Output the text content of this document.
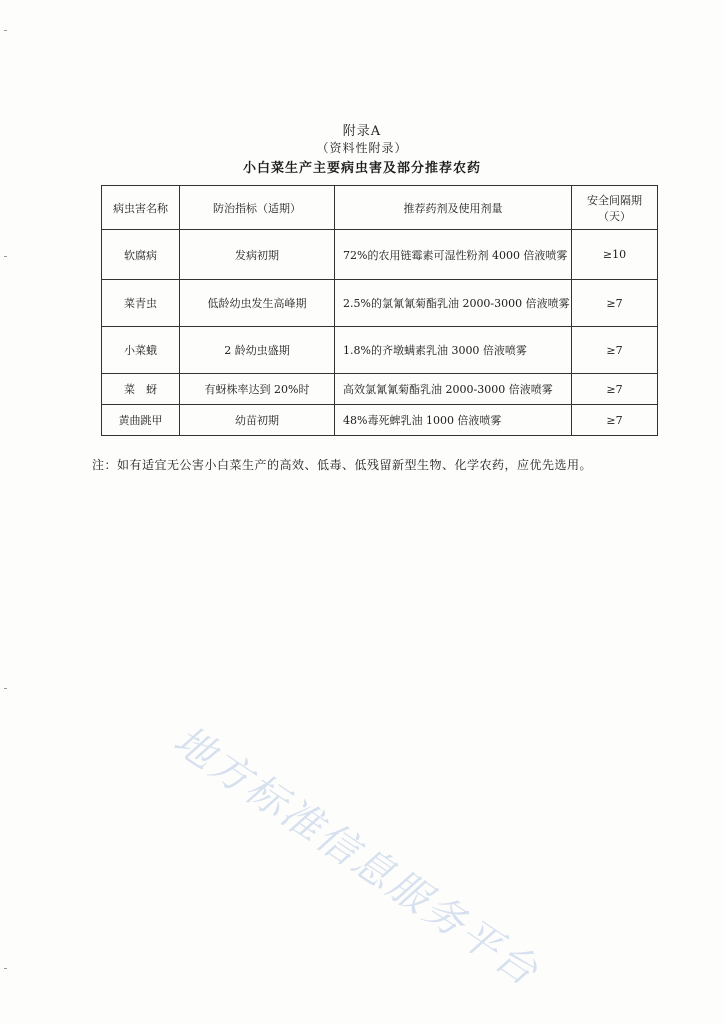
附录A
（资料性附录）
小白菜生产主要病虫害及部分推荐农药
病虫害名称	防治指标（适期）	推荐药剂及使用剂量	安全间隔期
（天）

软腐病	发病初期	72%的农用链霉素可湿性粉剂 4000 倍液喷雾	≥10
菜青虫	低龄幼虫发生高峰期	2.5%的氯氰氰菊酯乳油 2000-3000 倍液喷雾	≥7
小菜蛾	2 龄幼虫盛期	1.8%的齐墩螨素乳油 3000 倍液喷雾	≥7
菜　蚜	有蚜株率达到 20%时	高效氯氰氰菊酯乳油 2000-3000 倍液喷雾	≥7
黄曲跳甲	幼苗初期	48%毒死蜱乳油 1000 倍液喷雾	≥7
注：如有适宜无公害小白菜生产的高效、低毒、低残留新型生物、化学农药，应优先选用。
地方标准信息服务平台
